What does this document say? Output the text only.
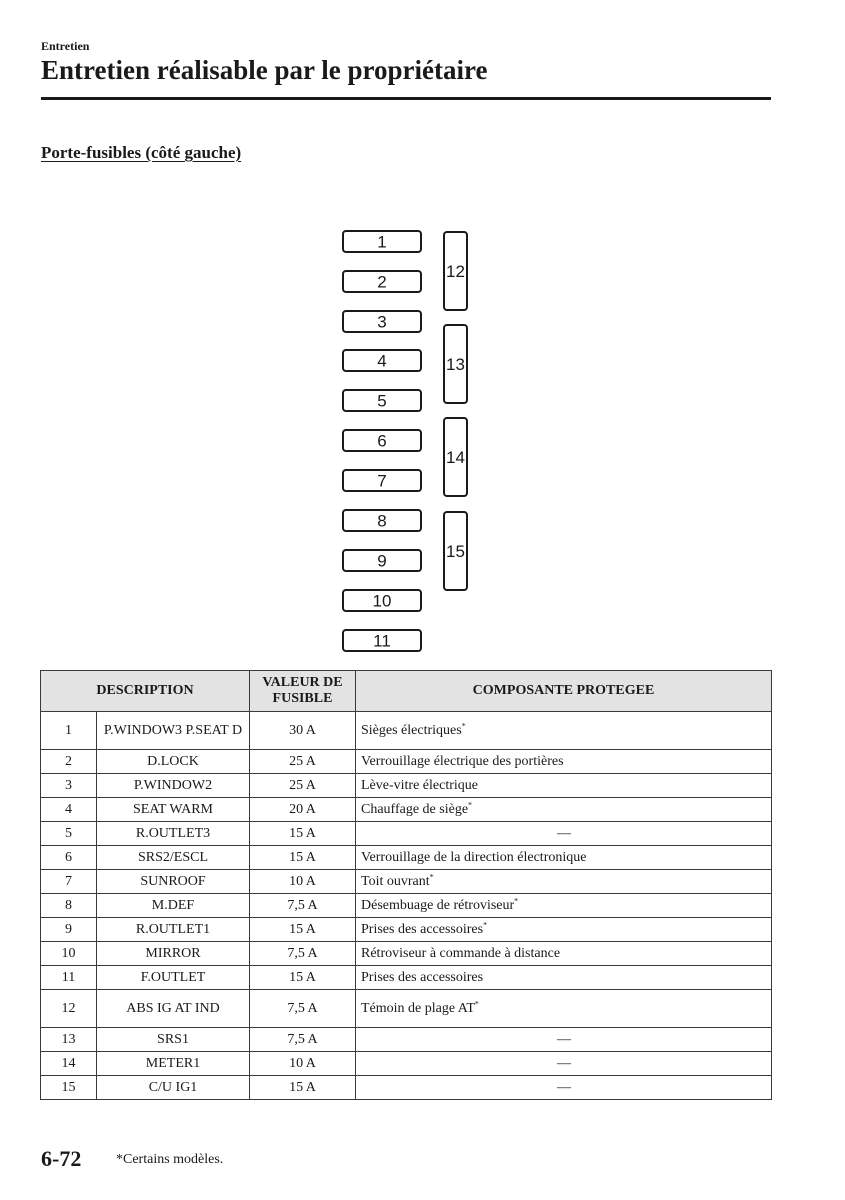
Entretien
Entretien réalisable par le propriétaire
Porte-fusibles (côté gauche)
1
2
3
4
5
6
7
8
9
10
11
12
13
14
15
DESCRIPTION		VALEUR DE FUSIBLE	COMPOSANTE PROTEGEE
1	P.WINDOW3 P.SEAT D	30 A	Sièges électriques*
2	D.LOCK	25 A	Verrouillage électrique des portières
3	P.WINDOW2	25 A	Lève-vitre électrique
4	SEAT WARM	20 A	Chauffage de siège*
5	R.OUTLET3	15 A	—
6	SRS2/ESCL	15 A	Verrouillage de la direction électronique
7	SUNROOF	10 A	Toit ouvrant*
8	M.DEF	7,5 A	Désembuage de rétroviseur*
9	R.OUTLET1	15 A	Prises des accessoires*
10	MIRROR	7,5 A	Rétroviseur à commande à distance
11	F.OUTLET	15 A	Prises des accessoires
12	ABS IG AT IND	7,5 A	Témoin de plage AT*
13	SRS1	7,5 A	—
14	METER1	10 A	—
15	C/U IG1	15 A	—
6-72 *Certains modèles.
